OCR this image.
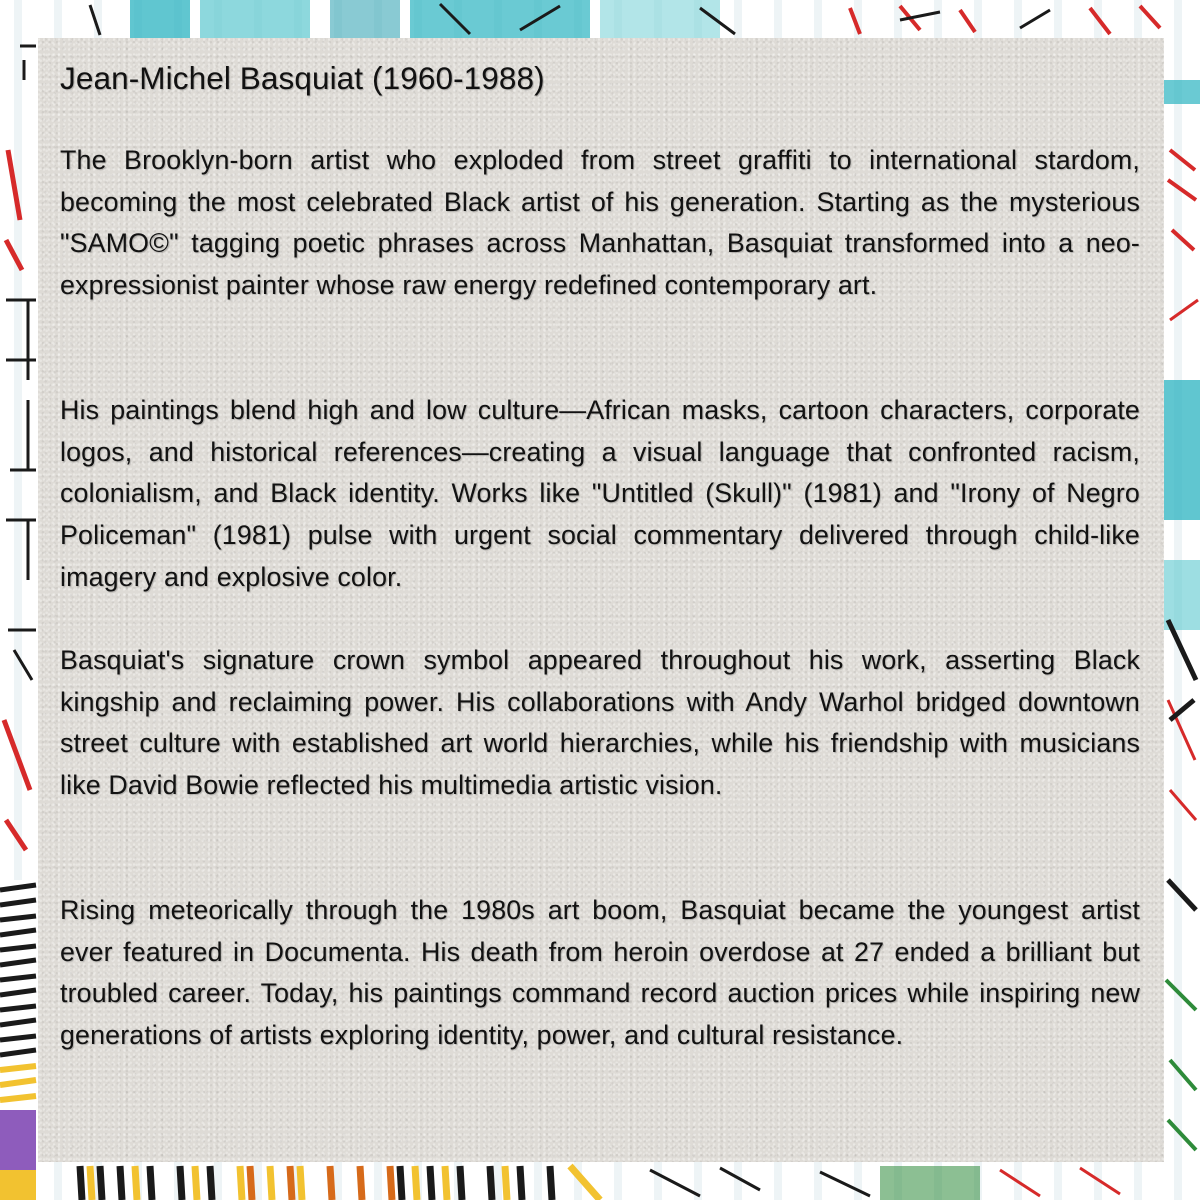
Jean-Michel Basquiat (1960-1988)

The Brooklyn-born artist who exploded from street graffiti to international stardom, becoming the most celebrated Black artist of his generation. Starting as the mysterious "SAMO©" tagging poetic phrases across Manhattan, Basquiat transformed into a neo-expressionist painter whose raw energy redefined contemporary art.

His paintings blend high and low culture—African masks, cartoon characters, corporate logos, and historical references—creating a visual language that confronted racism, colonialism, and Black identity. Works like "Untitled (Skull)" (1981) and "Irony of Negro Policeman" (1981) pulse with urgent social commentary delivered through child-like imagery and explosive color.

Basquiat's signature crown symbol appeared throughout his work, asserting Black kingship and reclaiming power. His collaborations with Andy Warhol bridged downtown street culture with established art world hierarchies, while his friendship with musicians like David Bowie reflected his multimedia artistic vision.

Rising meteorically through the 1980s art boom, Basquiat became the youngest artist ever featured in Documenta. His death from heroin overdose at 27 ended a brilliant but troubled career. Today, his paintings command record auction prices while inspiring new generations of artists exploring identity, power, and cultural resistance.
